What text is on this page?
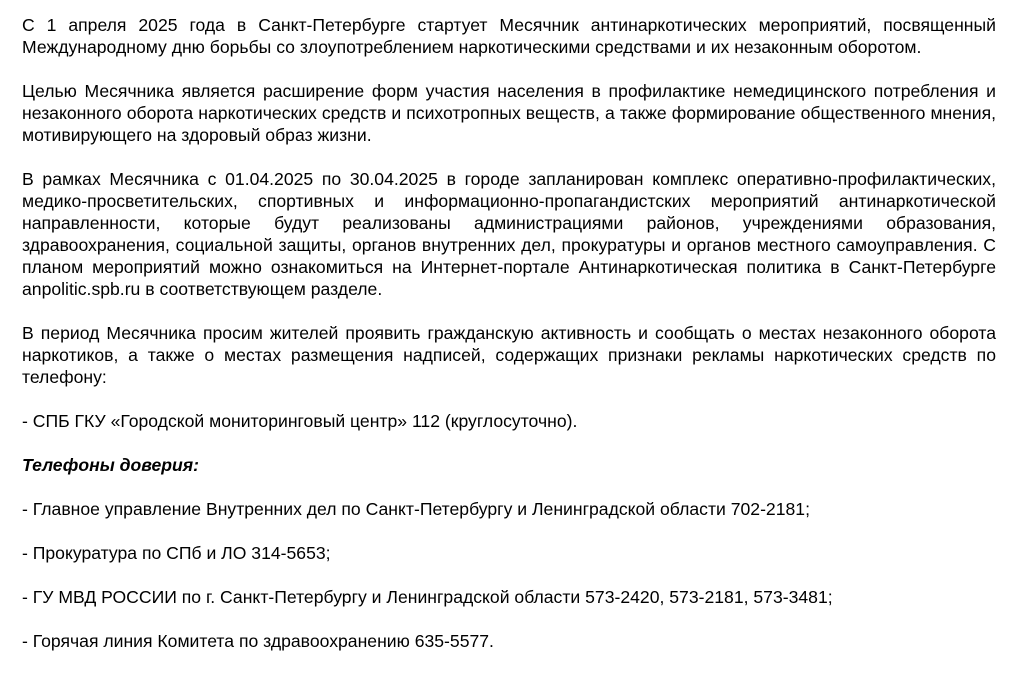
С 1 апреля 2025 года в Санкт-Петербурге стартует Месячник антинаркотических мероприятий, посвященный Международному дню борьбы со злоупотреблением наркотическими средствами и их незаконным оборотом.

Целью Месячника является расширение форм участия населения в профилактике немедицинского потребления и незаконного оборота наркотических средств и психотропных веществ, а также формирование общественного мнения, мотивирующего на здоровый образ жизни.

В рамках Месячника с 01.04.2025 по 30.04.2025 в городе запланирован комплекс оперативно-профилактических, медико-просветительских, спортивных и информационно-пропагандистских мероприятий антинаркотической направленности, которые будут реализованы администрациями районов, учреждениями образования, здравоохранения, социальной защиты, органов внутренних дел, прокуратуры и органов местного самоуправления. С планом мероприятий можно ознакомиться на Интернет-портале Антинаркотическая политика в Санкт-Петербурге anpolitic.spb.ru в соответствующем разделе.

В период Месячника просим жителей проявить гражданскую активность и сообщать о местах незаконного оборота наркотиков, а также о местах размещения надписей, содержащих признаки рекламы наркотических средств по телефону:

- СПБ ГКУ «Городской мониторинговый центр» 112 (круглосуточно).

Телефоны доверия:

- Главное управление Внутренних дел по Санкт-Петербургу и Ленинградской области 702-2181;

- Прокуратура по СПб и ЛО 314-5653;

- ГУ МВД РОССИИ по г. Санкт-Петербургу и Ленинградской области 573-2420, 573-2181, 573-3481;

- Горячая линия Комитета по здравоохранению 635-5577.
